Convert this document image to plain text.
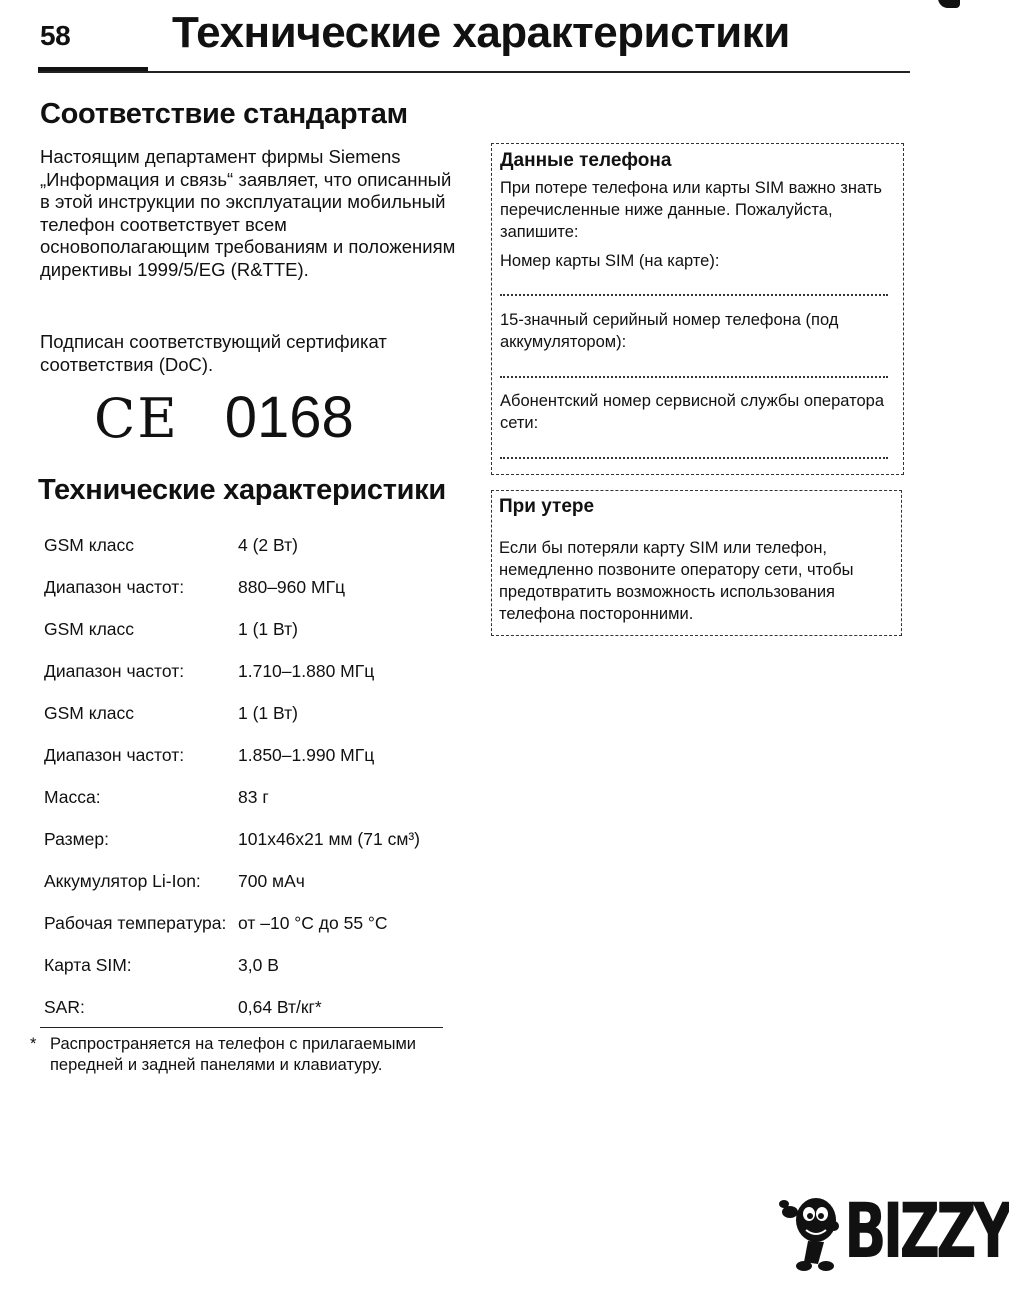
58 Технические характеристики
Соответствие стандартам
Настоящим департамент фирмы Siemens „Информация и связь“ заявляет, что описанный в этой инструкции по эксплуатации мобильный телефон соответствует всем основополагающим требованиям и положениям директивы 1999/5/EG (R&TTE).
Подписан соответствующий сертификат соответствия (DoC).
CE 0168
Технические характеристики
GSM класс	4 (2 Вт)
Диапазон частот:	880–960 МГц
GSM класс	1 (1 Вт)
Диапазон частот:	1.710–1.880 МГц
GSM класс	1 (1 Вт)
Диапазон частот:	1.850–1.990 МГц
Масса:	83 г
Размер:	101x46x21 мм (71 см³)
Аккумулятор Li-Ion: 700 мАч
Рабочая температура: от –10 °C до 55 °C
Карта SIM:	3,0 В
SAR:	0,64 Вт/кг*
* Распространяется на телефон с прилагаемыми передней и задней панелями и клавиатуру.
Данные телефона
При потере телефона или карты SIM важно знать перечисленные ниже данные. Пожалуйста, запишите:
Номер карты SIM (на карте):
15-значный серийный номер телефона (под аккумулятором):
Абонентский номер сервисной службы оператора сети:
При утере
Если бы потеряли карту SIM или телефон, немедленно позвоните оператору сети, чтобы предотвратить возможность использования телефона посторонними.
BIZZY
